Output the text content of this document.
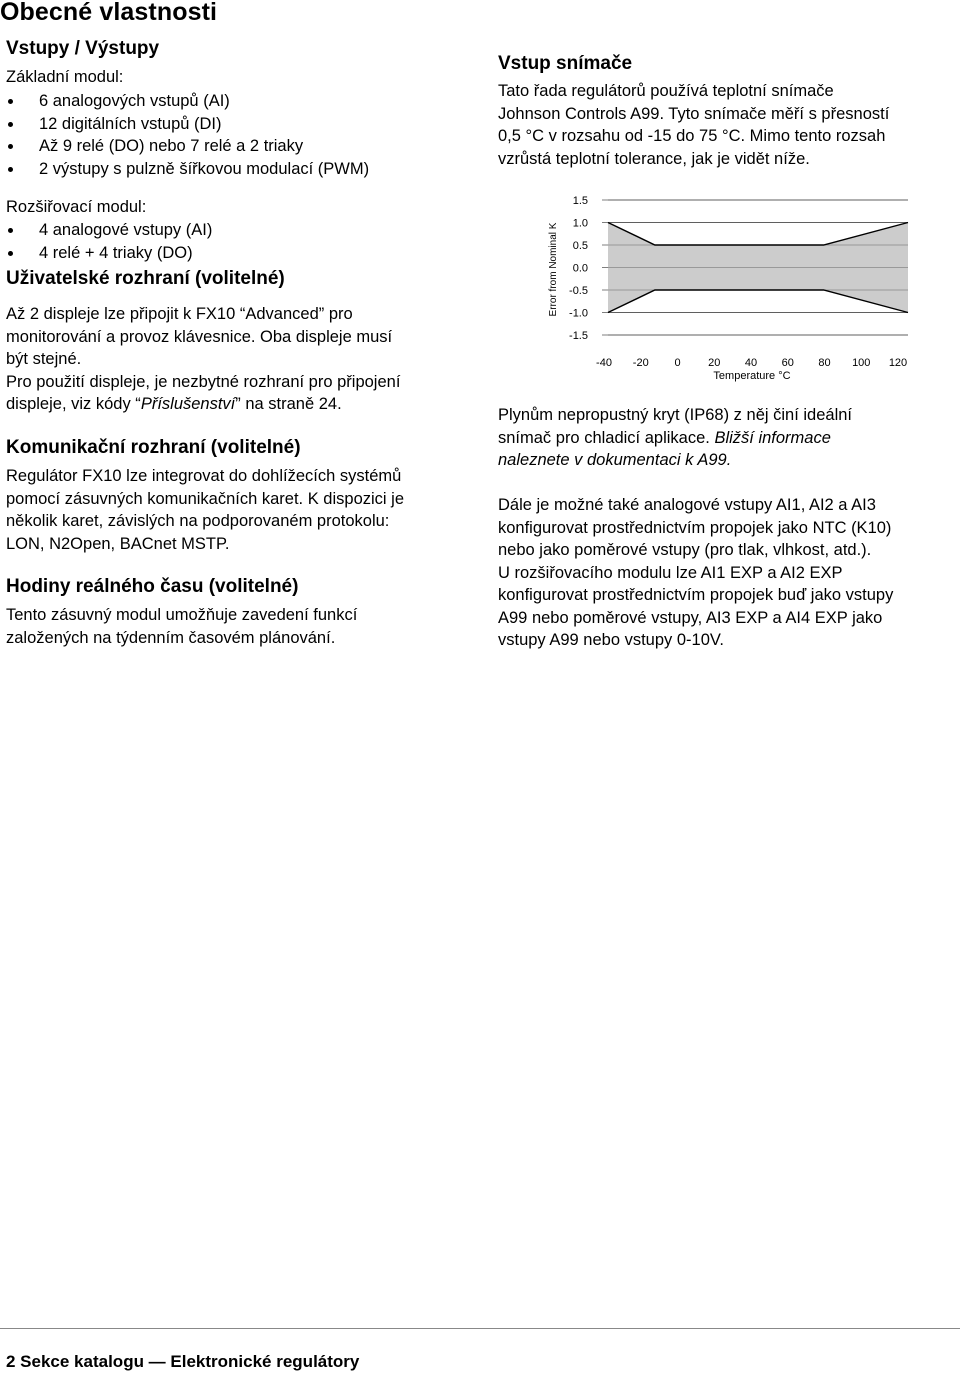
Obecné vlastnosti
Vstupy / Výstupy

Základní modul:

6 analogových vstupů (AI)
12 digitálních vstupů (DI)
Až 9 relé (DO) nebo 7 relé a 2 triaky
2 výstupy s pulzně šířkovou modulací (PWM)

Rozšiřovací modul:

4 analogové vstupy (AI)
4 relé + 4 triaky (DO)
Uživatelské rozhraní (volitelné)
Až 2 displeje lze připojit k FX10 “Advanced” pro
monitorování a provoz klávesnice. Oba displeje musí
být stejné.
Pro použití displeje, je nezbytné rozhraní pro připojení
displeje, viz kódy “Příslušenství” na straně 24.
Komunikační rozhraní (volitelné)
Regulátor FX10 lze integrovat do dohlížecích systémů
pomocí zásuvných komunikačních karet. K dispozici je
několik karet, závislých na podporovaném protokolu:
LON, N2Open, BACnet MSTP.
Hodiny reálného času (volitelné)
Tento zásuvný modul umožňuje zavedení funkcí
založených na týdenním časovém plánování.
Vstup snímače
Tato řada regulátorů používá teplotní snímače
Johnson Controls A99. Tyto snímače měří s přesností
0,5 °C v rozsahu od -15 do 75 °C. Mimo tento rozsah
vzrůstá teplotní tolerance, jak je vidět níže.
Plynům nepropustný kryt (IP68) z něj činí ideální
snímač pro chladicí aplikace. Bližší informace
naleznete v dokumentaci k A99.
Dále je možné také analogové vstupy AI1, AI2 a AI3
konfigurovat prostřednictvím propojek jako NTC (K10)
nebo jako poměrové vstupy (pro tlak, vlhkost, atd.).
U rozšiřovacího modulu lze AI1 EXP a AI2 EXP
konfigurovat prostřednictvím propojek buď jako vstupy
A99 nebo poměrové vstupy, AI3 EXP a AI4 EXP jako
vstupy A99 nebo vstupy 0-10V.
1.5
1.0
0.5
0.0
-0.5
-1.0
-1.5
-40 -20 0	20 40 60 80 100 120
Temperature °C
Error from Nominal K
2 Sekce katalogu — Elektronické regulátory
